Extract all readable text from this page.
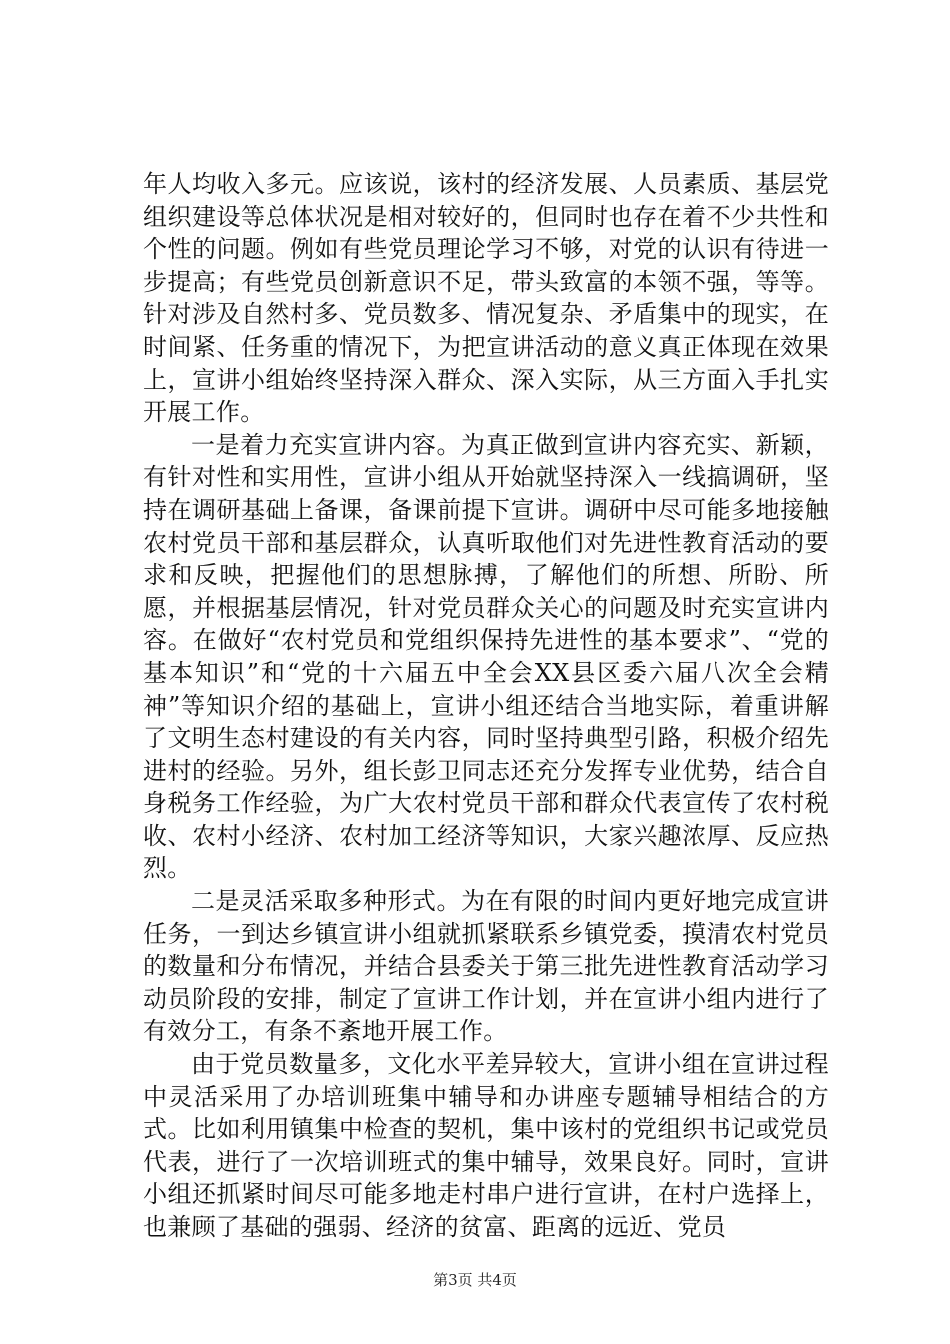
年人均收入多元。应该说，该村的经济发展、人员素质、基层党组织建设等总体状况是相对较好的，但同时也存在着不少共性和个性的问题。例如有些党员理论学习不够，对党的认识有待进一步提高；有些党员创新意识不足，带头致富的本领不强，等等。针对涉及自然村多、党员数多、情况复杂、矛盾集中的现实，在时间紧、任务重的情况下，为把宣讲活动的意义真正体现在效果上，宣讲小组始终坚持深入群众、深入实际，从三方面入手扎实开展工作。

一是着力充实宣讲内容。为真正做到宣讲内容充实、新颖，有针对性和实用性，宣讲小组从开始就坚持深入一线搞调研，坚持在调研基础上备课，备课前提下宣讲。调研中尽可能多地接触农村党员干部和基层群众，认真听取他们对先进性教育活动的要求和反映，把握他们的思想脉搏，了解他们的所想、所盼、所愿，并根据基层情况，针对党员群众关心的问题及时充实宣讲内容。在做好“农村党员和党组织保持先进性的基本要求”、“党的基本知识”和“党的十六届五中全会XX县区委六届八次全会精神”等知识介绍的基础上，宣讲小组还结合当地实际，着重讲解了文明生态村建设的有关内容，同时坚持典型引路，积极介绍先进村的经验。另外，组长彭卫同志还充分发挥专业优势，结合自身税务工作经验，为广大农村党员干部和群众代表宣传了农村税收、农村小经济、农村加工经济等知识，大家兴趣浓厚、反应热烈。

二是灵活采取多种形式。为在有限的时间内更好地完成宣讲任务，一到达乡镇宣讲小组就抓紧联系乡镇党委，摸清农村党员的数量和分布情况，并结合县委关于第三批先进性教育活动学习动员阶段的安排，制定了宣讲工作计划，并在宣讲小组内进行了有效分工，有条不紊地开展工作。

由于党员数量多，文化水平差异较大，宣讲小组在宣讲过程中灵活采用了办培训班集中辅导和办讲座专题辅导相结合的方式。比如利用镇集中检查的契机，集中该村的党组织书记或党员代表，进行了一次培训班式的集中辅导，效果良好。同时，宣讲小组还抓紧时间尽可能多地走村串户进行宣讲，在村户选择上，也兼顾了基础的强弱、经济的贫富、距离的远近、党员

第3页 共4页
